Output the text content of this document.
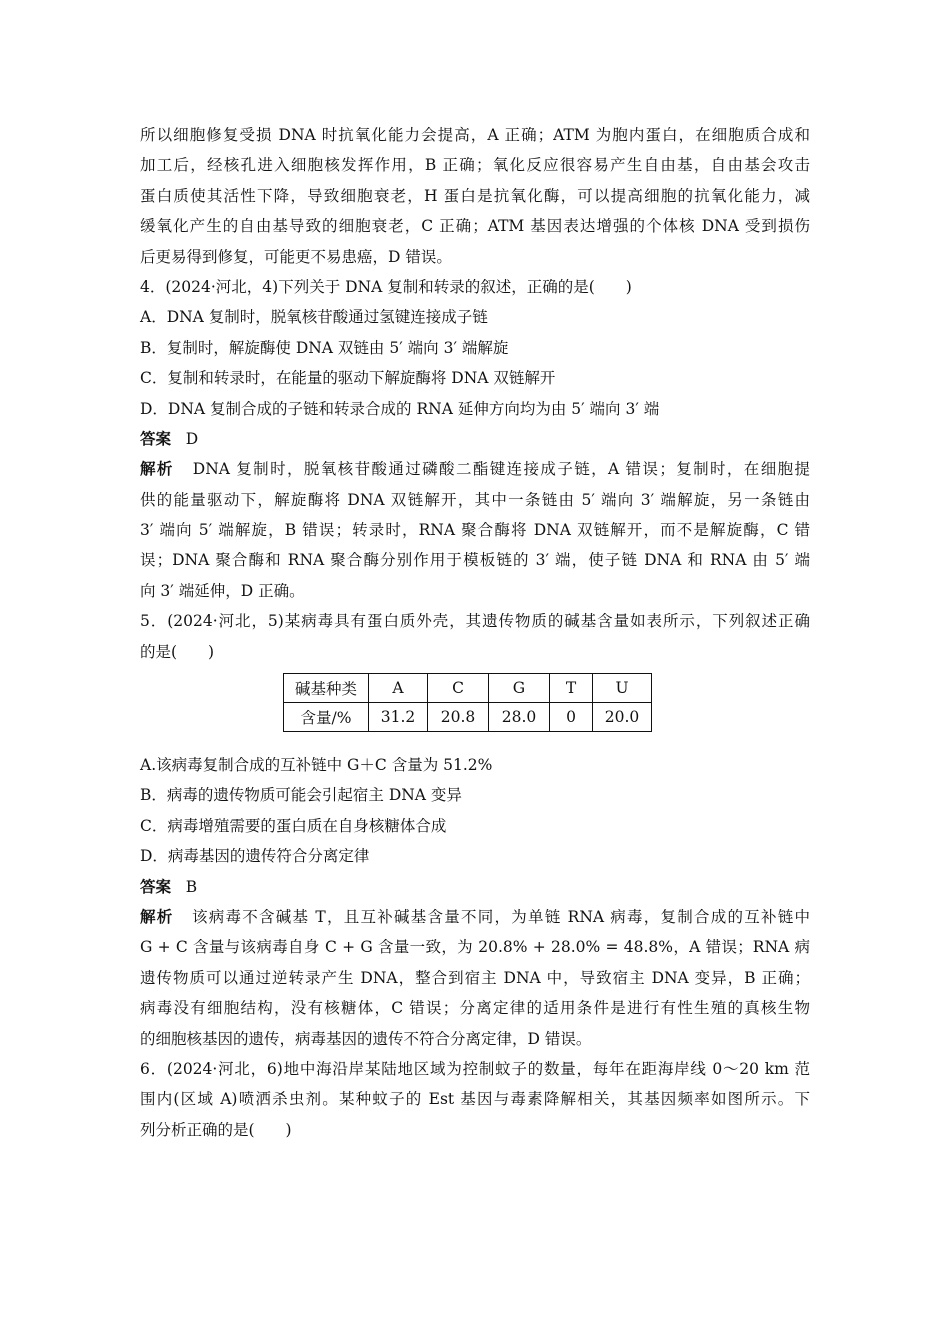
所以细胞修复受损 DNA 时抗氧化能力会提高，A 正确；ATM 为胞内蛋白，在细胞质合成和
加工后，经核孔进入细胞核发挥作用，B 正确；氧化反应很容易产生自由基，自由基会攻击
蛋白质使其活性下降，导致细胞衰老，H 蛋白是抗氧化酶，可以提高细胞的抗氧化能力，减
缓氧化产生的自由基导致的细胞衰老，C 正确；ATM 基因表达增强的个体核 DNA 受到损伤
后更易得到修复，可能更不易患癌，D 错误。
4．(2024·河北，4)下列关于 DNA 复制和转录的叙述，正确的是(　　)
A．DNA 复制时，脱氧核苷酸通过氢键连接成子链
B．复制时，解旋酶使 DNA 双链由 5′ 端向 3′ 端解旋
C．复制和转录时，在能量的驱动下解旋酶将 DNA 双链解开
D．DNA 复制合成的子链和转录合成的 RNA 延伸方向均为由 5′ 端向 3′ 端
答案 D
解析 DNA 复制时，脱氧核苷酸通过磷酸二酯键连接成子链，A 错误；复制时，在细胞提
供的能量驱动下，解旋酶将 DNA 双链解开，其中一条链由 5′ 端向 3′ 端解旋，另一条链由
3′ 端向 5′ 端解旋，B 错误；转录时，RNA 聚合酶将 DNA 双链解开，而不是解旋酶，C 错
误；DNA 聚合酶和 RNA 聚合酶分别作用于模板链的 3′ 端，使子链 DNA 和 RNA 由 5′ 端
向 3′ 端延伸，D 正确。
5．(2024·河北，5)某病毒具有蛋白质外壳，其遗传物质的碱基含量如表所示，下列叙述正确
的是(　　)
碱基种类	A	C	G	T	U
含量/%	31.2	20.8	28.0	0	20.0
A.该病毒复制合成的互补链中 G＋C 含量为 51.2%
B．病毒的遗传物质可能会引起宿主 DNA 变异
C．病毒增殖需要的蛋白质在自身核糖体合成
D．病毒基因的遗传符合分离定律
答案 B
解析 该病毒不含碱基 T，且互补碱基含量不同，为单链 RNA 病毒，复制合成的互补链中
G + C 含量与该病毒自身 C + G 含量一致，为 20.8% + 28.0% = 48.8%，A 错误；RNA 病
遗传物质可以通过逆转录产生 DNA，整合到宿主 DNA 中，导致宿主 DNA 变异，B 正确；
病毒没有细胞结构，没有核糖体，C 错误；分离定律的适用条件是进行有性生殖的真核生物
的细胞核基因的遗传，病毒基因的遗传不符合分离定律，D 错误。
6．(2024·河北，6)地中海沿岸某陆地区域为控制蚊子的数量，每年在距海岸线 0～20 km 范
围内(区域 A)喷洒杀虫剂。某种蚊子的 Est 基因与毒素降解相关，其基因频率如图所示。下
列分析正确的是(　　)
